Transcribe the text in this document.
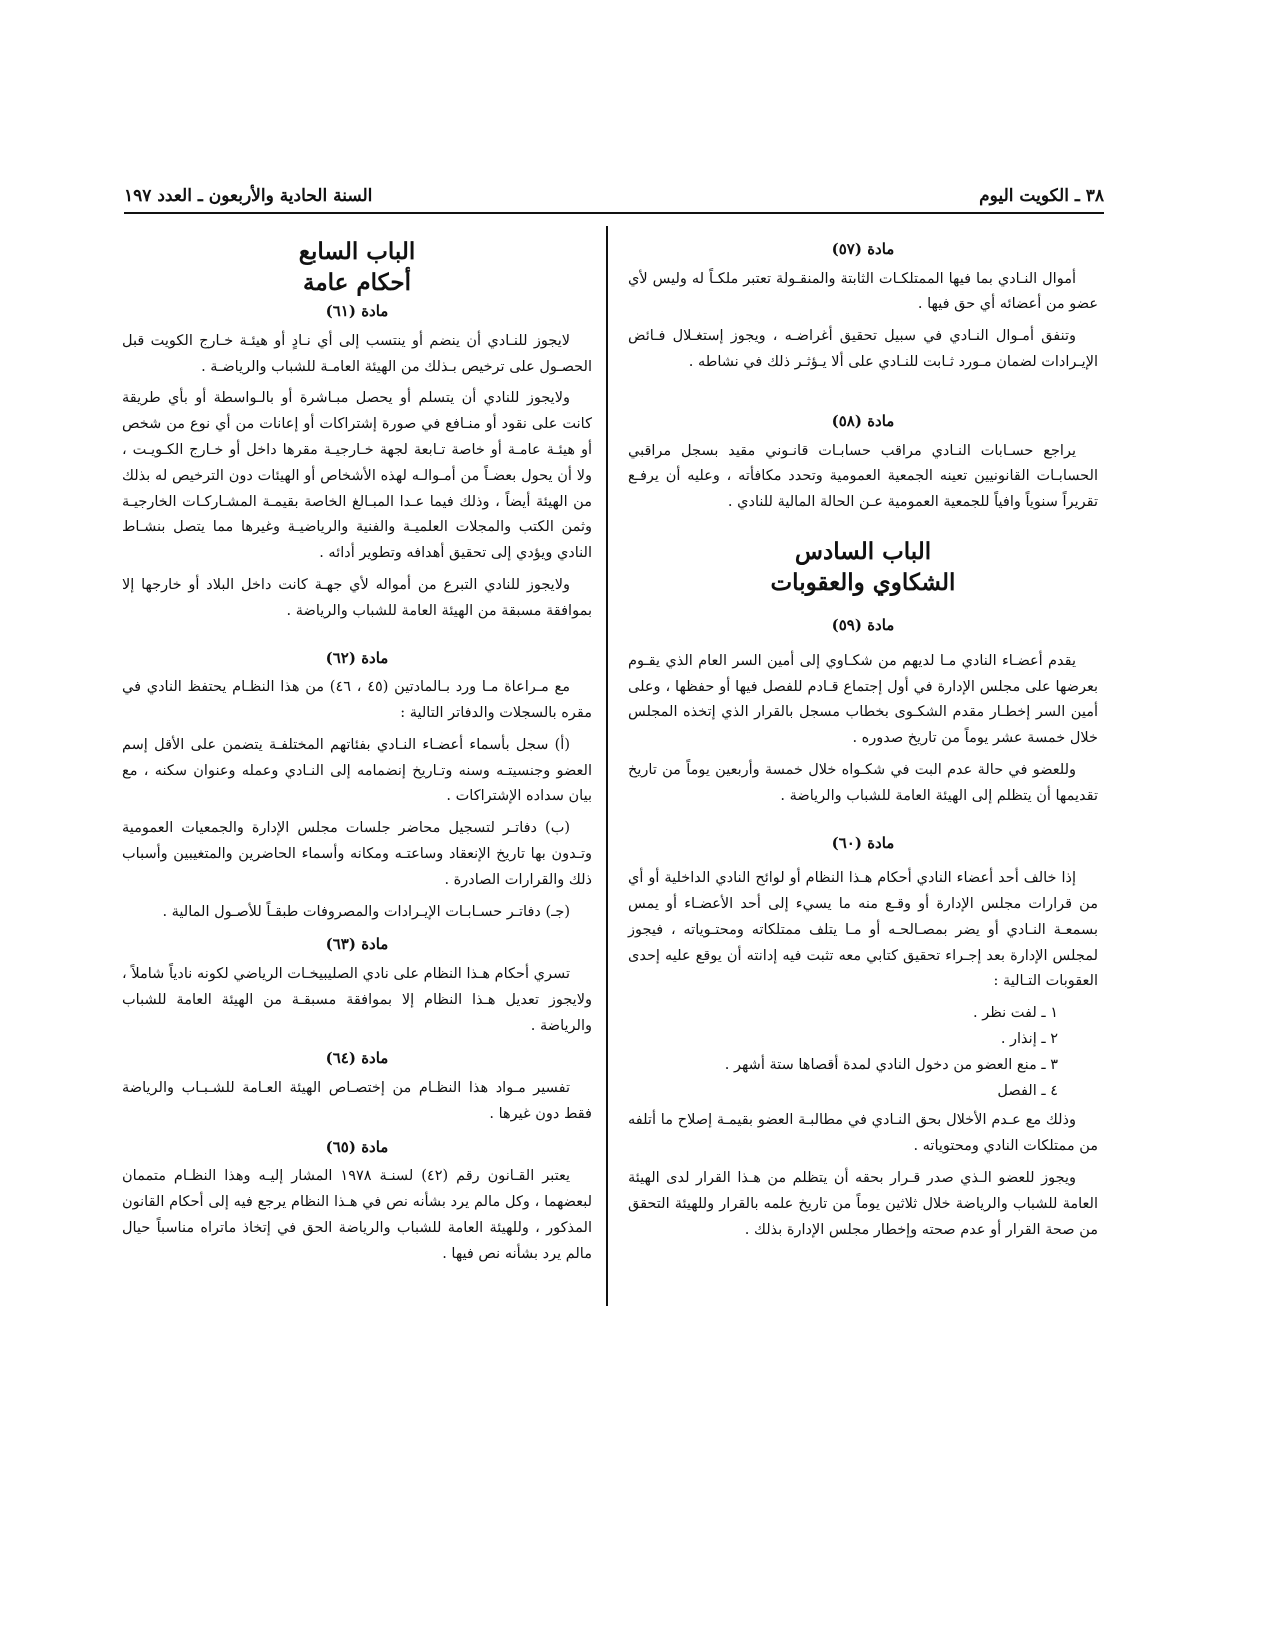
السنة الحادية والأربعون ـ العدد ١٩٧	٣٨ ـ الكويت اليوم

مادة (٥٧)

أموال النـادي بما فيها الممتلكـات الثابتة والمنقـولة تعتبر ملكـاً له وليس لأي عضو من أعضائه أي حق فيها .

وتنفق أمـوال النـادي في سبيل تحقيق أغراضـه ، ويجوز إستغـلال فـائض الإيـرادات لضمان مـورد ثـابت للنـادي على ألا يـؤثـر ذلك في نشاطه .

مادة (٥٨)

يراجع حسـابات النـادي مراقب حسابـات قانـوني مقيد بسجل مراقبي الحسابـات القانونيين تعينه الجمعية العمومية وتحدد مكافأته ، وعليه أن يرفـع تقريراً سنوياً وافياً للجمعية العمومية عـن الحالة المالية للنادي .

الباب السادس

الشكاوي والعقوبات

مادة (٥٩)

يقدم أعضـاء النادي مـا لديهم من شكـاوي إلى أمين السر العام الذي يقـوم بعرضها على مجلس الإدارة في أول إجتماع قـادم للفصل فيها أو حفظها ، وعلى أمين السر إخطـار مقدم الشكـوى بخطاب مسجل بالقرار الذي إتخذه المجلس خلال خمسة عشر يوماً من تاريخ صدوره .

وللعضو في حالة عدم البت في شكـواه خلال خمسة وأربعين يوماً من تاريخ تقديمها أن يتظلم إلى الهيئة العامة للشباب والرياضة .

مادة (٦٠)

إذا خالف أحد أعضاء النادي أحكام هـذا النظام أو لوائح النادي الداخلية أو أي من قرارات مجلس الإدارة أو وقـع منه ما يسيء إلى أحد الأعضـاء أو يمس بسمعـة النـادي أو يضر بمصـالحـه أو مـا يتلف ممتلكاته ومحتـوياته ، فيجوز لمجلس الإدارة بعد إجـراء تحقيق كتابي معه تثبت فيه إدانته أن يوقع عليه إحدى العقوبات التـالية :

١ ـ لفت نظر .
٢ ـ إنذار .
٣ ـ منع العضو من دخول النادي لمدة أقصاها ستة أشهر .
٤ ـ الفصل

وذلك مع عـدم الأخلال بحق النـادي في مطالبـة العضو بقيمـة إصلاح ما أتلفه من ممتلكات النادي ومحتوياته .

ويجوز للعضو الـذي صدر قـرار بحقه أن يتظلم من هـذا القرار لدى الهيئة العامة للشباب والرياضة خلال ثلاثين يوماً من تاريخ علمه بالقرار وللهيئة التحقق من صحة القرار أو عدم صحته وإخطار مجلس الإدارة بذلك .

الباب السابع

أحكام عامة

مادة (٦١)

لايجوز للنـادي أن ينضم أو ينتسب إلى أي نـادٍ أو هيئـة خـارج الكويت قبل الحصـول على ترخيص بـذلك من الهيئة العامـة للشباب والرياضـة .

ولايجوز للنادي أن يتسلم أو يحصل مبـاشرة أو بالـواسطة أو بأي طريقة كانت على نقود أو منـافع في صورة إشتراكات أو إعانات من أي نوع من شخص أو هيئـة عامـة أو خاصة تـابعة لجهة خـارجيـة مقرها داخل أو خـارج الكـويـت ، ولا أن يحول بعضـاً من أمـوالـه لهذه الأشخاص أو الهيئات دون الترخيص له بذلك من الهيئة أيضاً ، وذلك فيما عـدا المبـالغ الخاصة بقيمـة المشـاركـات الخارجيـة وثمن الكتب والمجلات العلميـة والفنية والرياضيـة وغيرها مما يتصل بنشـاط النادي ويؤدي إلى تحقيق أهدافه وتطوير أدائه .

ولايجوز للنادي التبرع من أمواله لأي جهـة كانت داخل البلاد أو خارجها إلا بموافقة مسبقة من الهيئة العامة للشباب والرياضة .

مادة (٦٢)

مع مـراعاة مـا ورد بـالمادتين (٤٥ ، ٤٦) من هذا النظـام يحتفظ النادي في مقره بالسجلات والدفاتر التالية :

(أ) سجل بأسماء أعضـاء النـادي بفئاتهم المختلفـة يتضمن على الأقل إسم العضو وجنسيتـه وسنه وتـاريخ إنضمامه إلى النـادي وعمله وعنوان سكنه ، مع بيان سداده الإشتراكات .

(ب) دفاتـر لتسجيل محاضر جلسات مجلس الإدارة والجمعيات العمومية وتـدون بها تاريخ الإنعقاد وساعتـه ومكانه وأسماء الحاضرين والمتغيبين وأسباب ذلك والقرارات الصادرة .

(جـ) دفاتـر حسـابـات الإيـرادات والمصروفات طبقـاً للأصـول المالية .

مادة (٦٣)

تسري أحكام هـذا النظام على نادي الصليبيخـات الرياضي لكونه نادياً شاملاً ، ولايجوز تعديل هـذا النظام إلا بموافقة مسبقـة من الهيئة العامة للشباب والرياضة .

مادة (٦٤)

تفسير مـواد هذا النظـام من إختصـاص الهيئة العـامة للشـبـاب والرياضة فقط دون غيرها .

مادة (٦٥)

يعتبر القـانون رقم (٤٢) لسنـة ١٩٧٨ المشار إليـه وهذا النظـام متممان لبعضهما ، وكل مالم يرد بشأنه نص في هـذا النظام يرجع فيه إلى أحكام القانون المذكور ، وللهيئة العامة للشباب والرياضة الحق في إتخاذ ماتراه مناسباً حيال مالم يرد بشأنه نص فيها .
